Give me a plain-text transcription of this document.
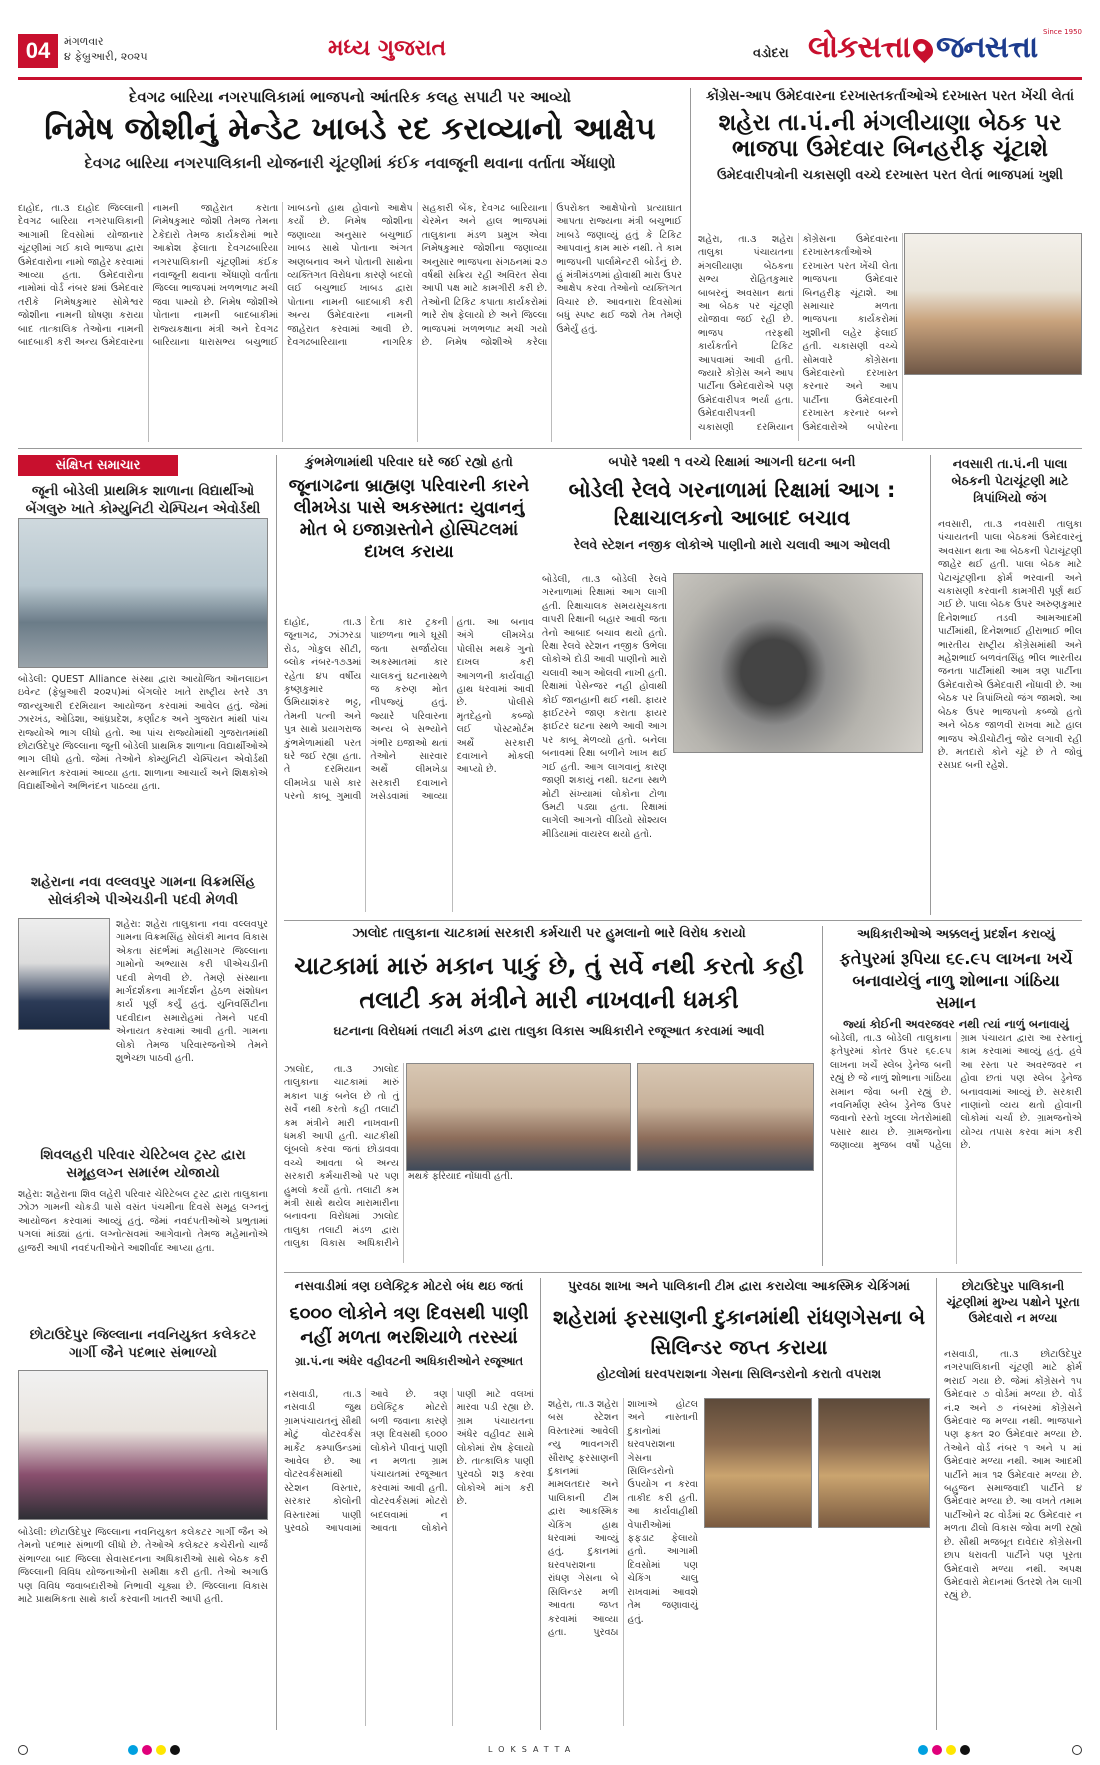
04	મંગળવાર
૪ ફેબ્રુઆરી, ૨૦૨૫	મધ્ય ગુજરાત	વડોદરા લોકસત્તા જનસત્તા Since 1950
દેવગઢ બારિયા નગરપાલિકામાં ભાજપનો આંતરિક કલહ સપાટી પર આવ્યો
નિમેષ જોશીનું મેન્ડેટ ખાબડે રદ કરાવ્યાનો આક્ષેપ
દેવગઢ બારિયા નગરપાલિકાની યોજનારી ચૂંટણીમાં કંઈક નવાજૂની થવાના વર્તાતા એંધાણો
દાહોદ, તા.૩ દાહોદ જિલ્લાની દેવગઢ બારિયા નગરપાલિકાની આગામી દિવસોમાં યોજાનાર ચૂંટણીમાં ગઈ કાલે ભાજપા દ્વારા ઉમેદવારોના નામો જાહેર કરવામાં આવ્યા હતા. ઉમેદવારોના નામોમાં વોર્ડ નંબર ૪માં ઉમેદવાર તરીકે નિમેષકુમાર સોમેશ્વર જોશીના નામની ઘોષણા કરાયા બાદ તાત્કાલિક તેઓના નામની બાદબાકી કરી અન્ય ઉમેદવારના નામની જાહેરાત કરાતા નિમેષકુમાર જોશી તેમજ તેમના ટેકેદારો તેમજ કાર્યકરોમાં ભારે આક્રોશ ફેલાતા દેવગઢબારિયા નગરપાલિકાની ચૂંટણીમાં કંઈક નવાજૂની થવાના એંધાણો વર્તાતા જિલ્લા ભાજપમાં ખળભળાટ મચી જવા પામ્યો છે. નિમેષ જોશીએ પોતાના નામની બાદબાકીમાં રાજ્યકક્ષાના મંત્રી અને દેવગઢ બારિયાના ધારાસભ્ય બચુભાઈ ખાબડનો હાથ હોવાનો આક્ષેપ કર્યો છે. નિમેષ જોશીના જણાવ્યા અનુસાર બચુભાઈ ખાબડ સાથે પોતાના અંગત અણબનાવ અને પોતાની સાથેના વ્યક્તિગત વિરોધના કારણે બદલો લઈ બચુભાઈ ખાબડ દ્વારા પોતાના નામની બાદબાકી કરી અન્ય ઉમેદવારના નામની જાહેરાત કરવામાં આવી છે. દેવગઢબારિયાના નાગરિક સહકારી બેંક, દેવગઢ બારિયાના ચેરમેન અને હાલ ભાજપમાં તાલુકાના મંડળ પ્રમુખ એવા નિમેષકુમાર જોશીના જણાવ્યા અનુસાર ભાજપના સંગઠનમાં ૨૭ વર્ષથી સક્રિય રહી અવિરત સેવા આપી પક્ષ માટે કામગીરી કરી છે. તેઓની ટિકિટ કપાતા કાર્યકરોમાં ભારે રોષ ફેલાયો છે અને જિલ્લા ભાજપમાં ખળભળાટ મચી ગયો છે. નિમેષ જોશીએ કરેલા ઉપરોક્ત આક્ષેપોનો પ્રત્યાઘાત આપતા રાજ્યના મંત્રી બચુભાઈ ખાબડે જણાવ્યું હતું કે ટિકિટ આપવાનું કામ મારું નથી. તે કામ ભાજપની પાર્લામેન્ટરી બોર્ડનું છે. હું મંત્રીમંડળમાં હોવાથી મારા ઉપર આક્ષેપ કરવા તેઓનો વ્યક્તિગત વિચાર છે. આવનારા દિવસોમાં બધું સ્પષ્ટ થઈ જશે તેમ તેમણે ઉમેર્યું હતું.
કોંગ્રેસ-આપ ઉમેદવારના દરખાસ્તકર્તાઓએ દરખાસ્ત પરત ખેંચી લેતાં
શહેરા તા.પં.ની મંગલીયાણા બેઠક પર ભાજપા ઉમેદવાર બિનહરીફ ચૂંટાશે
ઉમેદવારીપત્રોની ચકાસણી વચ્ચે દરખાસ્ત પરત લેતાં ભાજપમાં ખુશી
શહેરા, તા.૩ શહેરા તાલુકા પંચાયતના મંગલીયાણા બેઠકના સભ્ય રોહિતકુમાર બાબરનું અવસાન થતાં આ બેઠક પર ચૂંટણી યોજાવા જઈ રહી છે. ભાજપ તરફથી કાર્યકર્તાને ટિકિટ આપવામાં આવી હતી. જ્યારે કોંગ્રેસ અને આપ પાર્ટીના ઉમેદવારોએ પણ ઉમેદવારીપત્ર ભર્યા હતા. ઉમેદવારીપત્રની ચકાસણી દરમિયાન કોંગ્રેસના ઉમેદવારના દરખાસ્તકર્તાઓએ દરખાસ્ત પરત ખેંચી લેતા ભાજપના ઉમેદવાર બિનહરીફ ચૂંટાશે. આ સમાચાર મળતા ભાજપના કાર્યકરોમાં ખુશીની લહેર ફેલાઈ હતી. ચકાસણી વચ્ચે સોમવારે કોંગ્રેસના ઉમેદવારનો દરખાસ્ત કરનાર અને આપ પાર્ટીના ઉમેદવારની દરખાસ્ત કરનાર બન્ને ઉમેદવારોએ બપોરના
સંક્ષિપ્ત સમાચાર
જૂની બોડેલી પ્રાથમિક શાળાના વિદ્યાર્થીઓ બેંગલુરુ ખાતે કોમ્યુનિટી ચેમ્પિયન એવોર્ડથી
બોડેલી: QUEST Alliance સંસ્થા દ્વારા આયોજિત ઑનલાઇન ઇવેન્ટ (ફેબ્રુઆરી ૨૦૨૫)માં બેંગલોર ખાતે રાષ્ટ્રીય સ્તરે ૩૧ જાન્યુઆરી દરમિયાન આયોજન કરવામાં આવેલ હતું. જેમાં ઝારખંડ, ઓડિશા, આંધ્રપ્રદેશ, કર્ણાટક અને ગુજરાત માંથી પાંચ રાજ્યોએ ભાગ લીધો હતો. આ પાંચ રાજ્યોમાંથી ગુજરાતમાંથી છોટાઉદેપુર જિલ્લાના જૂની બોડેલી પ્રાથમિક શાળાના વિદ્યાર્થીઓએ ભાગ લીધો હતો. જેમાં તેઓને કોમ્યુનિટી ચેમ્પિયન એવોર્ડથી સન્માનિત કરવામાં આવ્યા હતા. શાળાના આચાર્ય અને શિક્ષકોએ વિદ્યાર્થીઓને અભિનંદન પાઠવ્યા હતા.
શહેરાના નવા વલ્લવપુર ગામના વિક્રમસિંહ સોલંકીએ પીએચડીની પદવી મેળવી
શહેરા: શહેરા તાલુકાના નવા વલ્લવપુર ગામના વિક્રમસિંહ સોલંકી માનવ વિકાસ એકતા સંદર્ભમાં મહીસાગર જિલ્લાના ગામોનો અભ્યાસ કરી પીએચડીની પદવી મેળવી છે. તેમણે સંસ્થાના માર્ગદર્શકના માર્ગદર્શન હેઠળ સંશોધન કાર્ય પૂર્ણ કર્યું હતું. યુનિવર્સિટીના પદવીદાન સમારોહમાં તેમને પદવી એનાયત કરવામાં આવી હતી. ગામના લોકો તેમજ પરિવારજનોએ તેમને શુભેચ્છા પાઠવી હતી.
શિવલહરી પરિવાર ચેરિટેબલ ટ્રસ્ટ દ્વારા સમૂહલગ્ન સમારંભ યોજાયો
શહેરા: શહેરાના શિવ લહેરી પરિવાર ચેરિટેબલ ટ્રસ્ટ દ્વારા તાલુકાના ઝોઝ ગામની ચોકડી પાસે વસંત પંચમીના દિવસે સમૂહ લગ્નનું આયોજન કરવામાં આવ્યું હતું. જેમાં નવદંપતીઓએ પ્રભુતામાં પગલાં માંડ્યાં હતાં. લગ્નોત્સવમાં આગેવાનો તેમજ મહેમાનોએ હાજરી આપી નવદંપતીઓને આશીર્વાદ આપ્યા હતા.
છોટાઉદેપુર જિલ્લાના નવનિયુક્ત કલેકટર ગાર્ગી જૈને પદભાર સંભાળ્યો
બોડેલી: છોટાઉદેપુર જિલ્લાના નવનિયુક્ત કલેકટર ગાર્ગી જૈન એ તેમનો પદભાર સંભાળી લીધો છે. તેઓએ કલેક્ટર કચેરીનો ચાર્જ સંભાળ્યા બાદ જિલ્લા સેવાસદનના અધિકારીઓ સાથે બેઠક કરી જિલ્લાની વિવિધ યોજનાઓની સમીક્ષા કરી હતી. તેઓ અગાઉ પણ વિવિધ જવાબદારીઓ નિભાવી ચૂક્યા છે. જિલ્લાના વિકાસ માટે પ્રાથમિકતા સાથે કાર્ય કરવાની ખાતરી આપી હતી.
કુંભમેળામાંથી પરિવાર ઘરે જઈ રહ્યો હતો
જૂનાગઢના બ્રાહ્મણ પરિવારની કારને લીમખેડા પાસે અકસ્માત: યુવાનનું મોત બે ઇજાગ્રસ્તોને હોસ્પિટલમાં દાખલ કરાયા
દાહોદ, તા.૩ જૂનાગઢ, ઝાંઝરડા રોડ, ગોકુલ સીટી, બ્લોક નંબર-૧૭૩માં રહેતા ૪૫ વર્ષીય કૃષ્ણકુમાર ઉમિયાશંકર ભટ્ટ, તેમની પત્ની અને પુત્ર સાથે પ્રયાગરાજ કુંભમેળામાંથી પરત ઘરે જઈ રહ્યા હતા. તે દરમિયાન લીમખેડા પાસે કાર પરનો કાબૂ ગુમાવી દેતા કાર ટ્રકની પાછળના ભાગે ઘૂસી જતા સર્જાયેલા અકસ્માતમાં કાર ચાલકનું ઘટનાસ્થળે જ કરુણ મોત નીપજ્યું હતું. જ્યારે પરિવારના અન્ય બે સભ્યોને ગંભીર ઇજાઓ થતાં તેઓને સારવાર અર્થે લીમખેડા સરકારી દવાખાને ખસેડવામાં આવ્યા હતા. આ બનાવ અંગે લીમખેડા પોલીસ મથકે ગુનો દાખલ કરી આગળની કાર્યવાહી હાથ ધરવામાં આવી છે. પોલીસે મૃતદેહનો કબ્જો લઈ પોસ્ટમોર્ટમ અર્થે સરકારી દવાખાને મોકલી આપ્યો છે.
બપોરે ૧૨થી ૧ વચ્ચે રિક્ષામાં આગની ઘટના બની
બોડેલી રેલવે ગરનાળામાં રિક્ષામાં આગ : રિક્ષાચાલકનો આબાદ બચાવ
રેલવે સ્ટેશન નજીક લોકોએ પાણીનો મારો ચલાવી આગ ઓલવી
બોડેલી, તા.૩ બોડેલી રેલવે ગરનાળામાં રિક્ષામાં આગ લાગી હતી. રિક્ષાચાલક સમયસૂચકતા વાપરી રિક્ષાની બહાર આવી જતા તેનો આબાદ બચાવ થયો હતો. રિક્ષા રેલવે સ્ટેશન નજીક ઉભેલા લોકોએ દોડી આવી પાણીનો મારો ચલાવી આગ ઓલવી નાખી હતી. રિક્ષામાં પેસેન્જર નહી હોવાથી કોઈ જાનહાની થઈ નથી. ફાયર ફાઈટરને જાણ કરાતા ફાયર ફાઈટર ઘટના સ્થળે આવી આગ પર કાબૂ મેળવ્યો હતો. બનેલા બનાવમાં રિક્ષા બળીને ખાખ થઈ ગઈ હતી. આગ લાગવાનું કારણ જાણી શકાયું નથી. ઘટના સ્થળે મોટી સંખ્યામાં લોકોના ટોળા ઉમટી પડ્યા હતા. રિક્ષામાં લાગેલી આગનો વીડિયો સોશ્યલ મીડિયામાં વાયરલ થયો હતો.
નવસારી તા.પં.ની પાલા બેઠકની પેટાચૂંટણી માટે ત્રિપાંખિયો જંગ
નવસારી, તા.૩ નવસારી તાલુકા પંચાયતની પાલા બેઠકમાં ઉમેદવારનું અવસાન થતા આ બેઠકની પેટાચૂંટણી જાહેર થઈ હતી. પાલા બેઠક માટે પેટાચૂંટણીના ફોર્મ ભરવાની અને ચકાસણી કરવાની કામગીરી પૂર્ણ થઈ ગઈ છે. પાલા બેઠક ઉપર અરુણકુમાર દિનેશભાઈ તડવી આમઆદમી પાર્ટીમાંથી, દિનેશભાઈ હીરાભાઈ ભીલ ભારતીય રાષ્ટ્રીય કોંગ્રેસમાંથી અને મહેશભાઈ બળવંતસિંહ ભીલ ભારતીય જનતા પાર્ટીમાંથી આમ ત્રણ પાર્ટીના ઉમેદવારોએ ઉમેદવારી નોંધાવી છે. આ બેઠક પર ત્રિપાંખિયો જંગ જામશે. આ બેઠક ઉપર ભાજપનો કબ્જો હતો અને બેઠક જાળવી રાખવા માટે હાલ ભાજપ એડીચોટીનું જોર લગાવી રહી છે. મતદારો કોને ચૂંટે છે તે જોવું રસપ્રદ બની રહેશે.
ઝાલોદ તાલુકાના ચાટકામાં સરકારી કર્મચારી પર હુમલાનો ભારે વિરોધ કરાયો
ચાટકામાં મારું મકાન પાકું છે, તું સર્વે નથી કરતો કહી તલાટી કમ મંત્રીને મારી નાખવાની ધમકી
ઘટનાના વિરોધમાં તલાટી મંડળ દ્વારા તાલુકા વિકાસ અધિકારીને રજૂઆત કરવામાં આવી
ઝાલોદ, તા.૩ ઝાલોદ તાલુકાના ચાટકામાં મારું મકાન પાકું બનેલ છે તો તું સર્વે નથી કરતો કહી તલાટી કમ મંત્રીને મારી નાખવાની ધમકી આપી હતી. ચાટકીથી લૂંબલો કરવા જતાં છોડાવવા વચ્ચે આવતા બે અન્ય સરકારી કર્મચારીઓ પર પણ હુમલો કર્યો હતો. તલાટી કમ મંત્રી સાથે થયેલ મારામારીના બનાવના વિરોધમાં ઝાલોદ તાલુકા તલાટી મંડળ દ્વારા તાલુકા વિકાસ અધિકારીને મથકે ફરિયાદ નોંધાવી હતી.
અધિકારીઓએ અક્કલનું પ્રદર્શન કરાવ્યું
ફતેપુરમાં રૂપિયા ૬૯.૯૫ લાખના ખર્ચે બનાવાયેલું નાળુ શોભાના ગાંઠિયા સમાન
જ્યાં કોઈની અવરજવર નથી ત્યાં નાળું બનાવાયું
બોડેલી, તા.૩ બોડેલી તાલુકાના ફતેપુરમાં કોતર ઉપર ૬૯.૯૫ લાખના ખર્ચે સ્લેબ ડ્રેનેજ બની રહ્યું છે જે નાળું શોભાના ગાંઠિયા સમાન જેવા બની રહ્યું છે. નવનિર્માણ સ્લેબ ડ્રેનેજ ઉપર જવાનો રસ્તો ખુલ્લા ખેતરોમાંથી પસાર થાય છે. ગ્રામજનોના જણાવ્યા મુજબ વર્ષો પહેલા ગ્રામ પંચાયત દ્વારા આ રસ્તાનું કામ કરવામાં આવ્યું હતું. હવે આ રસ્તા પર અવરજવર ન હોવા છતાં પણ સ્લેબ ડ્રેનેજ બનાવવામાં આવ્યું છે. સરકારી નાણાંનો વ્યય થતો હોવાની લોકોમાં ચર્ચા છે. ગ્રામજનોએ યોગ્ય તપાસ કરવા માંગ કરી છે.
નસવાડીમાં ત્રણ ઇલેક્ટ્રિક મોટરો બંધ થઇ જતાં
૬૦૦૦ લોકોને ત્રણ દિવસથી પાણી નહીં મળતા ભરશિયાળે તરસ્યાં
ગ્રા.પં.ના અંધેર વહીવટની અધિકારીઓને રજૂઆત
નસવાડી, તા.૩ નસવાડી જુથ ગ્રામપંચાયતનું સૌથી મોટું વોટરવર્કસ માર્કેટ કમ્પાઉન્ડમાં આવેલ છે. આ વોટરવર્કસમાંથી સ્ટેશન વિસ્તાર, સરકાર કોલોની વિસ્તારમાં પાણી પુરવઠો આપવામાં આવે છે. ત્રણ ઇલેક્ટ્રિક મોટરો બળી જવાના કારણે ત્રણ દિવસથી ૬૦૦૦ લોકોને પીવાનું પાણી ન મળતા ગ્રામ પંચાયતમાં રજૂઆત કરવામાં આવી હતી. વોટરવર્કસમાં મોટરો બદલવામાં ન આવતા લોકોને પાણી માટે વલખાં મારવા પડી રહ્યા છે. ગ્રામ પંચાયતના અંધેર વહીવટ સામે લોકોમાં રોષ ફેલાયો છે. તાત્કાલિક પાણી પુરવઠો શરૂ કરવા લોકોએ માંગ કરી છે.
પુરવઠા શાખા અને પાલિકાની ટીમ દ્વારા કરાયેલા આકસ્મિક ચેકિંગમાં
શહેરામાં ફરસાણની દુકાનમાંથી રાંધણગેસના બે સિલિન્ડર જપ્ત કરાયા
હોટલોમાં ઘરવપરાશના ગેસના સિલિન્ડરોનો કરાતો વપરાશ
શહેરા, તા.૩ શહેરા બસ સ્ટેશન વિસ્તારમાં આવેલી ન્યુ ભાવનગરી સૌરાષ્ટ્ર ફરસાણની દુકાનમાં મામલતદાર અને પાલિકાની ટીમ દ્વારા આકસ્મિક ચેકિંગ હાથ ધરવામાં આવ્યું હતું. દુકાનમાં ઘરવપરાશના રાંધણ ગેસના બે સિલિન્ડર મળી આવતા જપ્ત કરવામાં આવ્યા હતા. પુરવઠા શાખાએ હોટલ અને નાસ્તાની દુકાનોમાં ઘરવપરાશના ગેસના સિલિન્ડરોનો ઉપયોગ ન કરવા તાકીદ કરી હતી. આ કાર્યવાહીથી વેપારીઓમાં ફફડાટ ફેલાયો હતો. આગામી દિવસોમાં પણ ચેકિંગ ચાલુ રાખવામાં આવશે તેમ જણાવાયું હતું.
છોટાઉદેપુર પાલિકાની ચૂંટણીમાં મુખ્ય પક્ષોને પૂરતા ઉમેદવારો ન મળ્યા
નસવાડી, તા.૩ છોટાઉદેપુર નગરપાલિકાની ચૂંટણી માટે ફોર્મ ભરાઈ ગયા છે. જેમાં કોંગ્રેસને ૧૫ ઉમેદવાર ૭ વોર્ડમાં મળ્યા છે. વોર્ડ નં.૨ અને ૭ નંબરમાં કોંગ્રેસને ઉમેદવાર જ મળ્યા નથી. ભાજપાને પણ ફક્ત ૨૦ ઉમેદવાર મળ્યા છે. તેઓને વોર્ડ નંબર ૧ અને ૫ માં ઉમેદવાર મળ્યા નથી. આમ આદમી પાર્ટીને માત્ર ૧૨ ઉમેદવાર મળ્યા છે. બહુજન સમાજવાદી પાર્ટીને ૪ ઉમેદવાર મળ્યા છે. આ વખતે તમામ પાર્ટીઓને ૨૮ વોર્ડમાં ૨૮ ઉમેદવાર ન મળતા ઢીલો વિકાસ જોવા મળી રહ્યો છે. સૌથી મજબૂત દાવેદાર કોંગ્રેસની છાપ ધરાવતી પાર્ટીને પણ પૂરતા ઉમેદવારો મળ્યા નથી. અપક્ષ ઉમેદવારો મેદાનમાં ઉતરશે તેમ લાગી રહ્યું છે.
LOKSATTA
